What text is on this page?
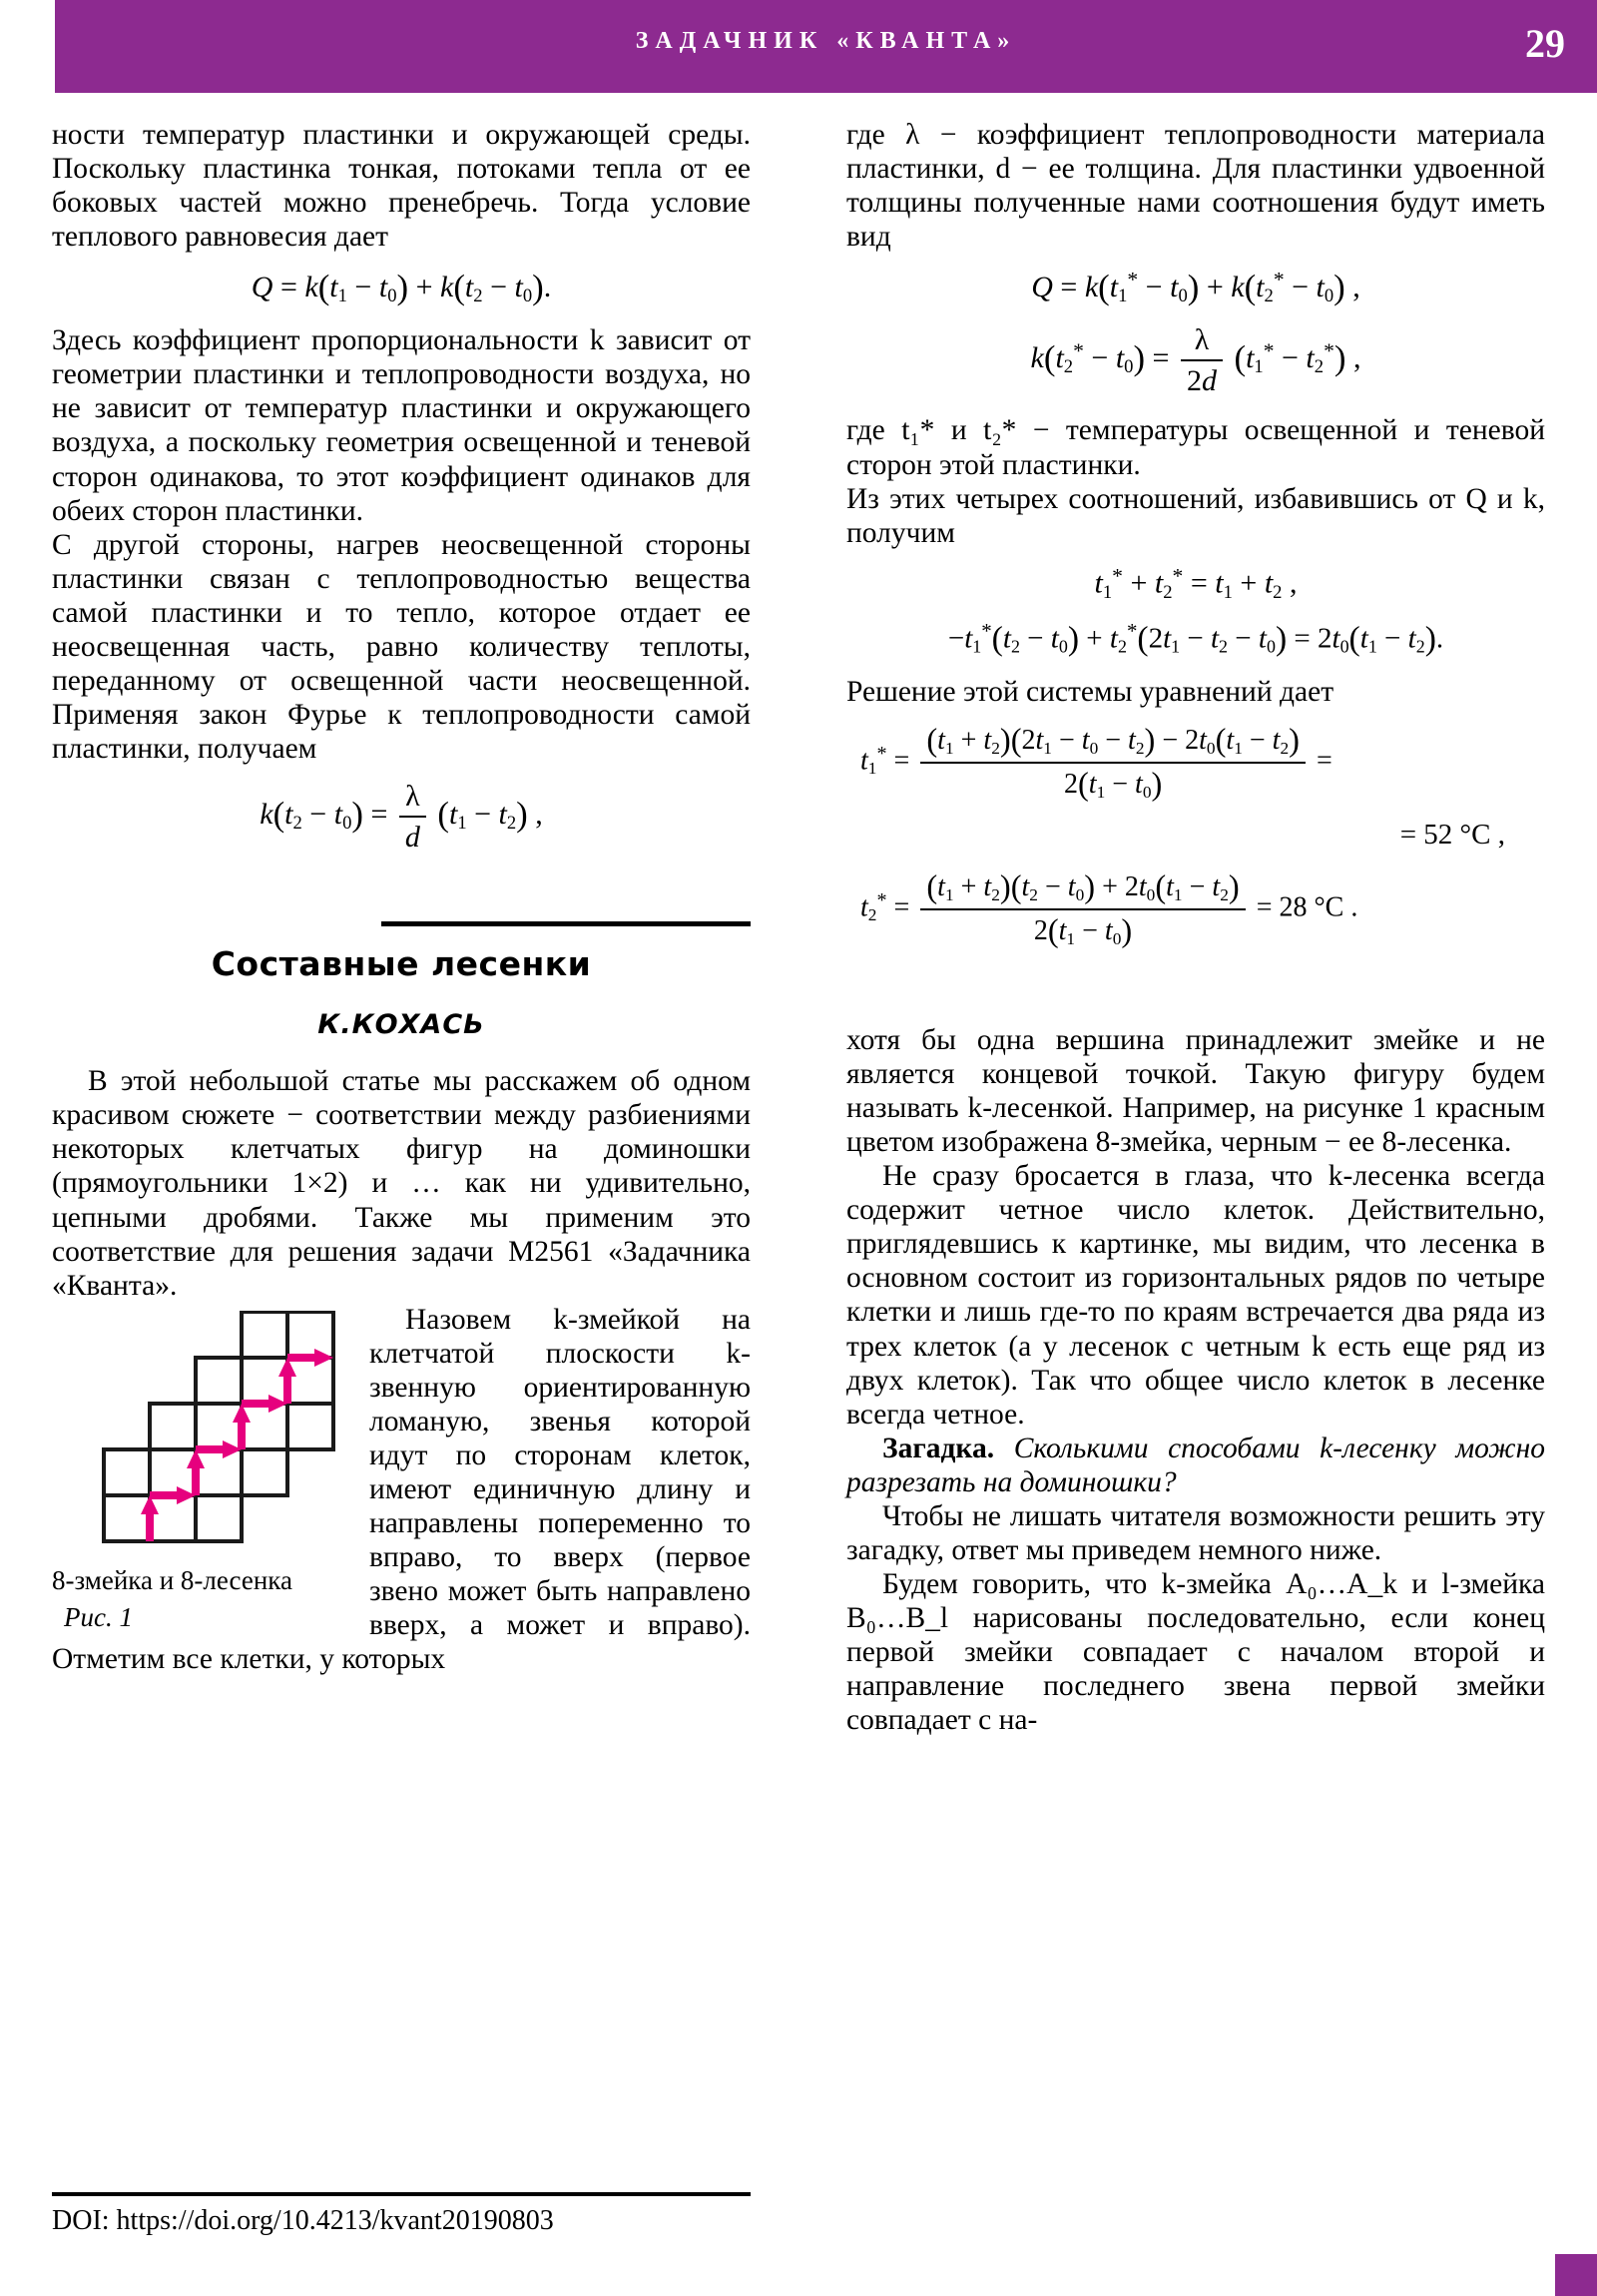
ЗАДАЧНИК «КВАНТА»	29

ности температур пластинки и окружающей среды. Поскольку пластинка тонкая, потоками тепла от ее боковых частей можно пренебречь. Тогда условие теплового равновесия дает

$Q = k(t_1 - t_0) + k(t_2 - t_0)$.

Здесь коэффициент пропорциональности k зависит от геометрии пластинки и теплопроводности воздуха, но не зависит от температур пластинки и окружающего воздуха, а поскольку геометрия освещенной и теневой сторон одинакова, то этот коэффициент одинаков для обеих сторон пластинки.

С другой стороны, нагрев неосвещенной стороны пластинки связан с теплопроводностью вещества самой пластинки и то тепло, которое отдает ее неосвещенная часть, равно количеству теплоты, переданному от освещенной части неосвещенной. Применяя закон Фурье к теплопроводности самой пластинки, получаем

$k(t_2 - t_0) = \frac{\lambda}{d} (t_1 - t_2)$ ,
Составные лесенки
К.КОХАСЬ

В этой небольшой статье мы расскажем об одном красивом сюжете − соответствии между разбиениями некоторых клетчатых фигур на доминошки (прямоугольники 1×2) и … как ни удивительно, цепными дробями. Также мы применим это соответствие для решения задачи М2561 «Задачника «Кванта».

8-змейка и 8-лесенка
Рис. 1

Назовем k-змейкой на клетчатой плоскости k-звенную ориентированную ломаную, звенья которой идут по сторонам клеток, имеют единичную длину и направлены попеременно то вправо, то вверх (первое звено может быть направлено вверх, а может и вправо). Отметим все клетки, у которых

где λ − коэффициент теплопроводности материала пластинки, d − ее толщина. Для пластинки удвоенной толщины полученные нами соотношения будут иметь вид

$Q = k(t_1^* - t_0) + k(t_2^* - t_0)$ ,
$k(t_2^* - t_0) = \frac{\lambda}{2d} (t_1^* - t_2^*)$ ,

где t₁* и t₂* − температуры освещенной и теневой сторон этой пластинки.

Из этих четырех соотношений, избавившись от Q и k, получим

$t_1^* + t_2^* = t_1 + t_2$ ,
$-t_1^*(t_2 - t_0) + t_2^*(2t_1 - t_2 - t_0) = 2t_0(t_1 - t_2)$.

Решение этой системы уравнений дает

$t_1^* = \frac{(t_1 + t_2)(2t_1 - t_0 - t_2) - 2t_0(t_1 - t_2)}{2(t_1 - t_0)}$ =
= 52 °C ,
$t_2^* = \frac{(t_1 + t_2)(t_2 - t_0) + 2t_0(t_1 - t_2)}{2(t_1 - t_0)} = 28$ °C .

хотя бы одна вершина принадлежит змейке и не является концевой точкой. Такую фигуру будем называть k-лесенкой. Например, на рисунке 1 красным цветом изображена 8-змейка, черным − ее 8-лесенка.

Не сразу бросается в глаза, что k-лесенка всегда содержит четное число клеток. Действительно, приглядевшись к картинке, мы видим, что лесенка в основном состоит из горизонтальных рядов по четыре клетки и лишь где-то по краям встречается два ряда из трех клеток (а у лесенок с четным k есть еще ряд из двух клеток). Так что общее число клеток в лесенке всегда четное.

Загадка. Сколькими способами k-лесенку можно разрезать на доминошки?

Чтобы не лишать читателя возможности решить эту загадку, ответ мы приведем немного ниже.

Будем говорить, что k-змейка A₀…A_k и l-змейка B₀…B_l нарисованы последовательно, если конец первой змейки совпадает с началом второй и направление последнего звена первой змейки совпадает с на-

DOI: https://doi.org/10.4213/kvant20190803
